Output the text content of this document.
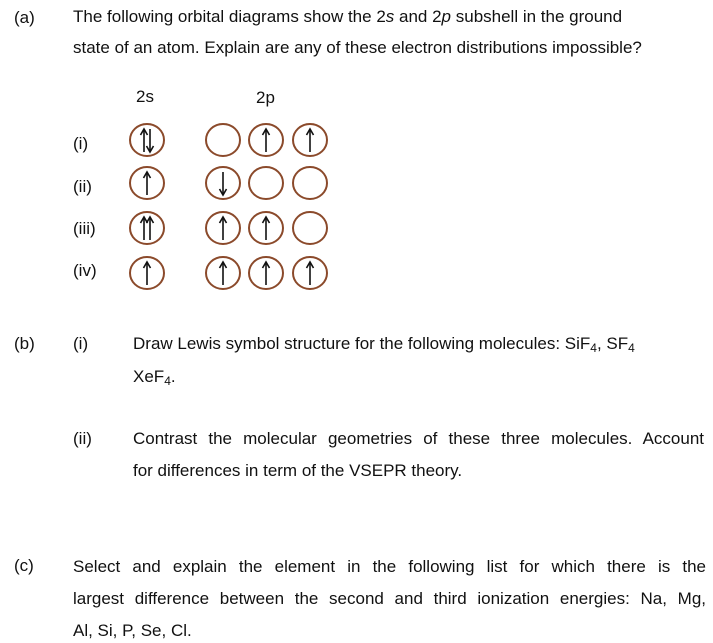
(a) The following orbital diagrams show the 2s and 2p subshell in the ground
state of an atom. Explain are any of these electron distributions impossible?
2s	2p
(i)
(ii)
(iii)
(iv)
(b) (i)	Draw Lewis symbol structure for the following molecules: SiF$_4$, $SF_4$
XeF$_4$.
(ii) Contrast the molecular geometries of these three molecules. Account
for differences in term of the VSEPR theory.
(c) Select and explain the element in the following list for which there is the
largest difference between the second and third ionization energies: Na, Mg,
Al, Si, P, Se, Cl.
